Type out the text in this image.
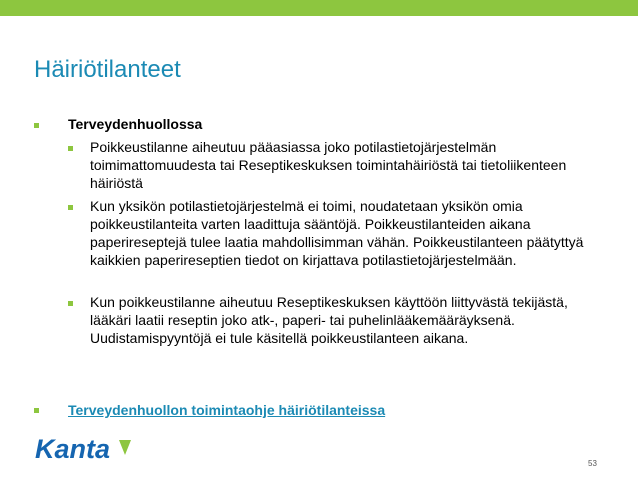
Häiriötilanteet
Terveydenhuollossa
Poikkeustilanne aiheutuu pääasiassa joko potilastietojärjestelmän toimimattomuudesta tai Reseptikeskuksen toimintahäiriöstä tai tietoliikenteen häiriöstä
Kun yksikön potilastietojärjestelmä ei toimi, noudatetaan yksikön omia poikkeustilanteita varten laadittuja sääntöjä. Poikkeustilanteiden aikana paperireseptejä tulee laatia mahdollisimman vähän. Poikkeustilanteen päätyttyä kaikkien paperireseptien tiedot on kirjattava potilastietojärjestelmään.
Kun poikkeustilanne aiheutuu Reseptikeskuksen käyttöön liittyvästä tekijästä, lääkäri laatii reseptin joko atk-, paperi- tai puhelinlääkemääräyksenä. Uudistamispyyntöjä ei tule käsitellä poikkeustilanteen aikana.
Terveydenhuollon toimintaohje häiriötilanteissa
Kanta	53
